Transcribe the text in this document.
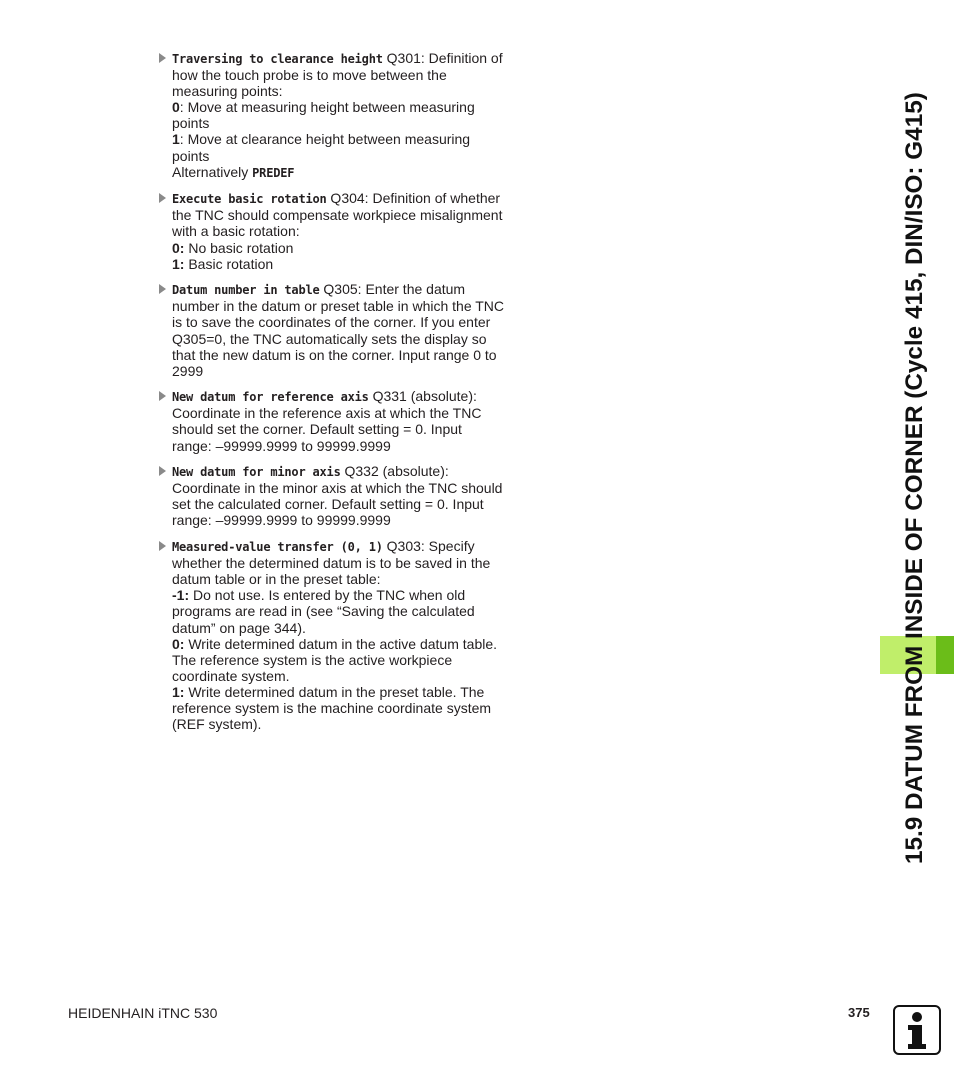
Traversing to clearance height Q301: Definition of
how the touch probe is to move between the
measuring points:
0: Move at measuring height between measuring
points
1: Move at clearance height between measuring
points
Alternatively PREDEF
Execute basic rotation Q304: Definition of whether
the TNC should compensate workpiece misalignment
with a basic rotation:
0: No basic rotation
1: Basic rotation
Datum number in table Q305: Enter the datum
number in the datum or preset table in which the TNC
is to save the coordinates of the corner. If you enter
Q305=0, the TNC automatically sets the display so
that the new datum is on the corner. Input range 0 to
2999
New datum for reference axis Q331 (absolute):
Coordinate in the reference axis at which the TNC
should set the corner. Default setting = 0. Input
range: –99999.9999 to 99999.9999
New datum for minor axis Q332 (absolute):
Coordinate in the minor axis at which the TNC should
set the calculated corner. Default setting = 0. Input
range: –99999.9999 to 99999.9999
Measured-value transfer (0, 1) Q303: Specify
whether the determined datum is to be saved in the
datum table or in the preset table:
-1: Do not use. Is entered by the TNC when old
programs are read in (see “Saving the calculated
datum” on page 344).
0: Write determined datum in the active datum table.
The reference system is the active workpiece
coordinate system.
1: Write determined datum in the preset table. The
reference system is the machine coordinate system
(REF system).	15.9 DATUM FROM INSIDE OF CORNER (Cycle 415, DIN/ISO: G415)
HEIDENHAIN iTNC 530	375
